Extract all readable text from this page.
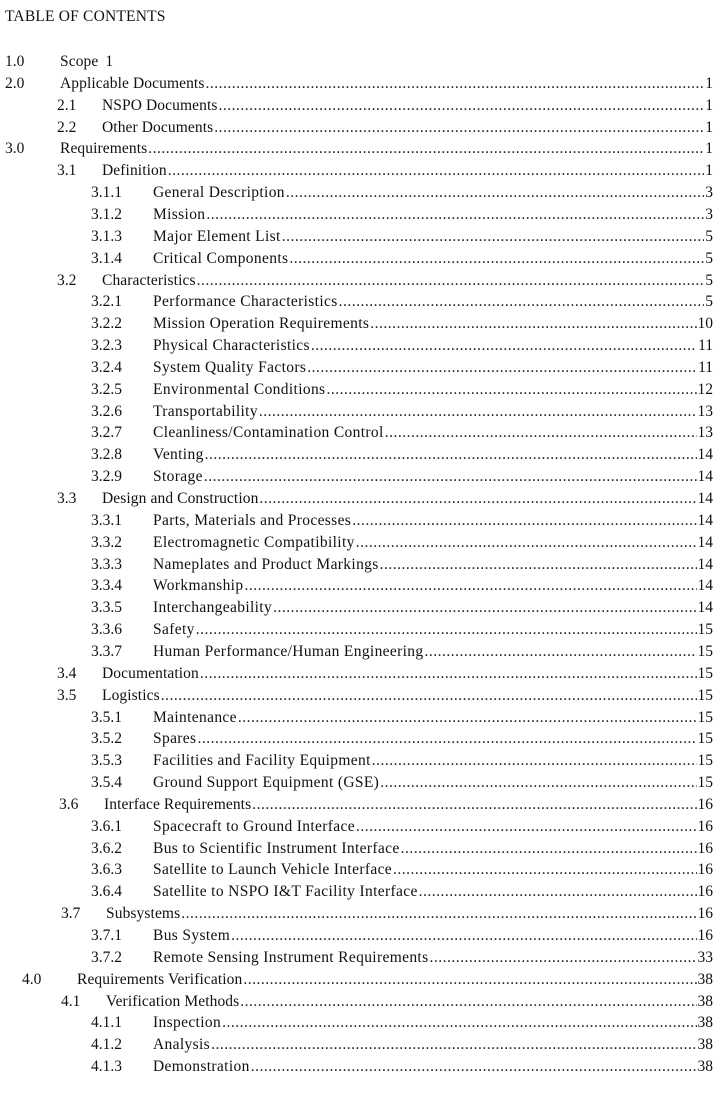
TABLE OF CONTENTS
1.0	Scope 1
2.0	Applicable Documents .....	1
2.1	NSPO Documents .....	1
2.2	Other Documents .....	1
3.0	Requirements .....	1
3.1	Definition .....	1
3.1.1	General Description .....	3
3.1.2	Mission .....	3
3.1.3	Major Element List .....	5
3.1.4	Critical Components .....	5
3.2	Characteristics .....	5
3.2.1	Performance Characteristics .....	5
3.2.2	Mission Operation Requirements .....	10
3.2.3	Physical Characteristics .....	11
3.2.4	System Quality Factors .....	11
3.2.5	Environmental Conditions .....	12
3.2.6	Transportability .....	13
3.2.7	Cleanliness/Contamination Control .....	13
3.2.8	Venting .....	14
3.2.9	Storage .....	14
3.3	Design and Construction .....	14
3.3.1	Parts, Materials and Processes .....	14
3.3.2	Electromagnetic Compatibility .....	14
3.3.3	Nameplates and Product Markings .....	14
3.3.4	Workmanship .....	14
3.3.5	Interchangeability .....	14
3.3.6	Safety .....	15
3.3.7	Human Performance/Human Engineering .....	15
3.4	Documentation .....	15
3.5	Logistics .....	15
3.5.1	Maintenance .....	15
3.5.2	Spares .....	15
3.5.3	Facilities and Facility Equipment .....	15
3.5.4	Ground Support Equipment (GSE) .....	15
3.6	Interface Requirements .....	16
3.6.1	Spacecraft to Ground Interface .....	16
3.6.2	Bus to Scientific Instrument Interface .....	16
3.6.3	Satellite to Launch Vehicle Interface .....	16
3.6.4	Satellite to NSPO I&T Facility Interface .....	16
3.7	Subsystems .....	16
3.7.1	Bus System .....	16
3.7.2	Remote Sensing Instrument Requirements .....	33
4.0	Requirements Verification .....	38
4.1	Verification Methods .....	38
4.1.1	Inspection .....	38
4.1.2	Analysis .....	38
4.1.3	Demonstration .....	38
